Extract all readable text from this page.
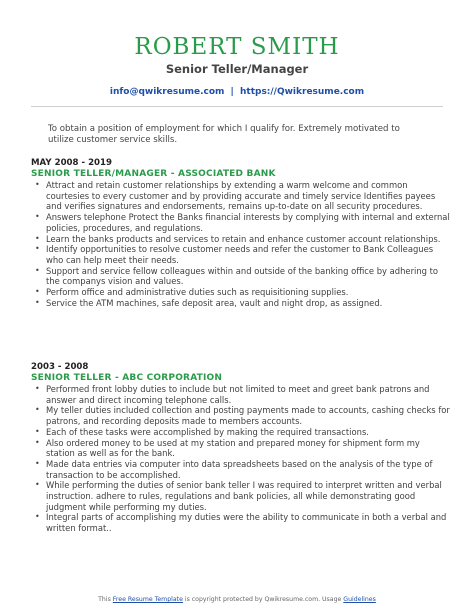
ROBERT SMITH
Senior Teller/Manager
info@qwikresume.com | https://Qwikresume.com
To obtain a position of employment for which I qualify for. Extremely motivated to utilize customer service skills.
MAY 2008 - 2019
SENIOR TELLER/MANAGER - ASSOCIATED BANK
• Attract and retain customer relationships by extending a warm welcome and common courtesies to every customer and by providing accurate and timely service Identifies payees and verifies signatures and endorsements, remains up-to-date on all security procedures.
• Answers telephone Protect the Banks financial interests by complying with internal and external policies, procedures, and regulations.
• Learn the banks products and services to retain and enhance customer account relationships.
• Identify opportunities to resolve customer needs and refer the customer to Bank Colleagues who can help meet their needs.
• Support and service fellow colleagues within and outside of the banking office by adhering to the companys vision and values.
• Perform office and administrative duties such as requisitioning supplies.
• Service the ATM machines, safe deposit area, vault and night drop, as assigned.
2003 - 2008
SENIOR TELLER - ABC CORPORATION
• Performed front lobby duties to include but not limited to meet and greet bank patrons and answer and direct incoming telephone calls.
• My teller duties included collection and posting payments made to accounts, cashing checks for patrons, and recording deposits made to members accounts.
• Each of these tasks were accomplished by making the required transactions.
• Also ordered money to be used at my station and prepared money for shipment form my station as well as for the bank.
• Made data entries via computer into data spreadsheets based on the analysis of the type of transaction to be accomplished.
• While performing the duties of senior bank teller I was required to interpret written and verbal instruction. adhere to rules, regulations and bank policies, all while demonstrating good judgment while performing my duties.
• Integral parts of accomplishing my duties were the ability to communicate in both a verbal and written format..
This Free Resume Template is copyright protected by Qwikresume.com. Usage Guidelines
